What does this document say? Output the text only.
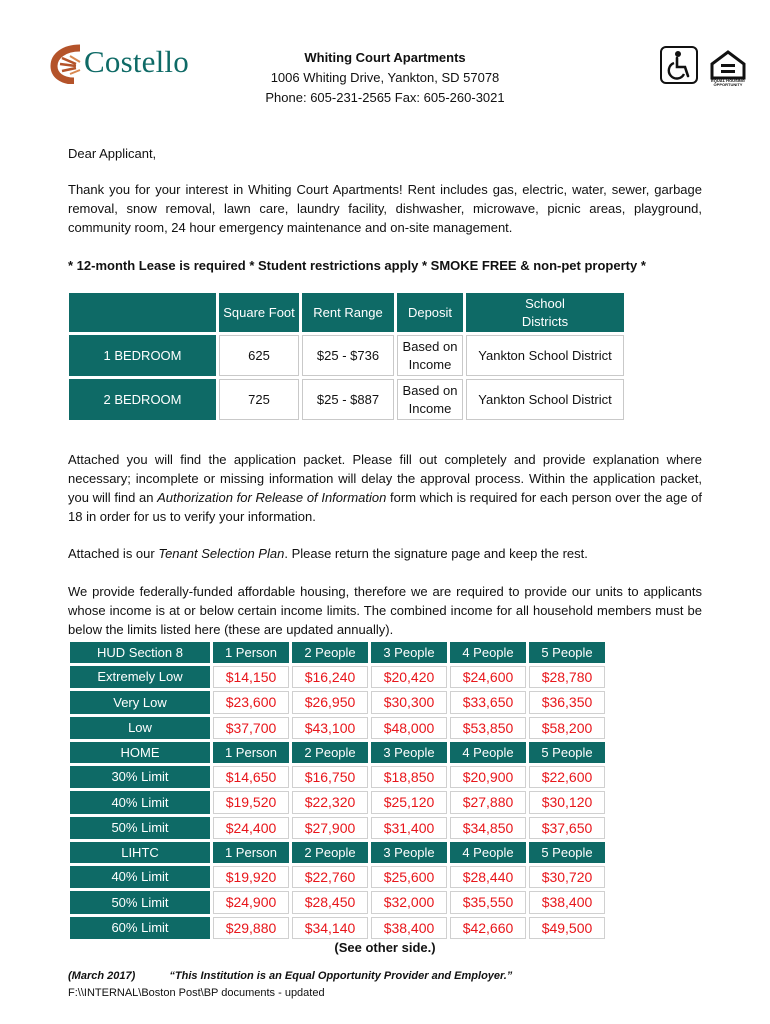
Costello	Whiting Court Apartments
1006 Whiting Drive, Yankton, SD 57078
Phone: 605-231-2565 Fax: 605-260-3021
EQUAL HOUSING OPPORTUNITY
Dear Applicant,
Thank you for your interest in Whiting Court Apartments! Rent includes gas, electric, water, sewer, garbage removal, snow removal, lawn care, laundry facility, dishwasher, microwave, picnic areas, playground, community room, 24 hour emergency maintenance and on-site management.
* 12-month Lease is required * Student restrictions apply * SMOKE FREE & non-pet property *
	Square Foot	Rent Range	Deposit	School Districts

1 BEDROOM	625	$25 - $736	Based on Income	Yankton School District
2 BEDROOM	725	$25 - $887	Based on Income	Yankton School District
Attached you will find the application packet. Please fill out completely and provide explanation where necessary; incomplete or missing information will delay the approval process. Within the application packet, you will find an Authorization for Release of Information form which is required for each person over the age of 18 in order for us to verify your information.
Attached is our Tenant Selection Plan. Please return the signature page and keep the rest.
We provide federally-funded affordable housing, therefore we are required to provide our units to applicants whose income is at or below certain income limits. The combined income for all household members must be below the limits listed here (these are updated annually).
HUD Section 8	1 Person	2 People	3 People	4 People	5 People
Extremely Low	$14,150	$16,240	$20,420	$24,600	$28,780
Very Low	$23,600	$26,950	$30,300	$33,650	$36,350
Low	$37,700	$43,100	$48,000	$53,850	$58,200
HOME	1 Person	2 People	3 People	4 People	5 People
30% Limit	$14,650	$16,750	$18,850	$20,900	$22,600
40% Limit	$19,520	$22,320	$25,120	$27,880	$30,120
50% Limit	$24,400	$27,900	$31,400	$34,850	$37,650
LIHTC	1 Person	2 People	3 People	4 People	5 People
40% Limit	$19,920	$22,760	$25,600	$28,440	$30,720
50% Limit	$24,900	$28,450	$32,000	$35,550	$38,400
60% Limit	$29,880	$34,140	$38,400	$42,660	$49,500
(See other side.)
(March 2017)	“This Institution is an Equal Opportunity Provider and Employer.”
F:\\INTERNAL\Boston Post\BP documents - updated
